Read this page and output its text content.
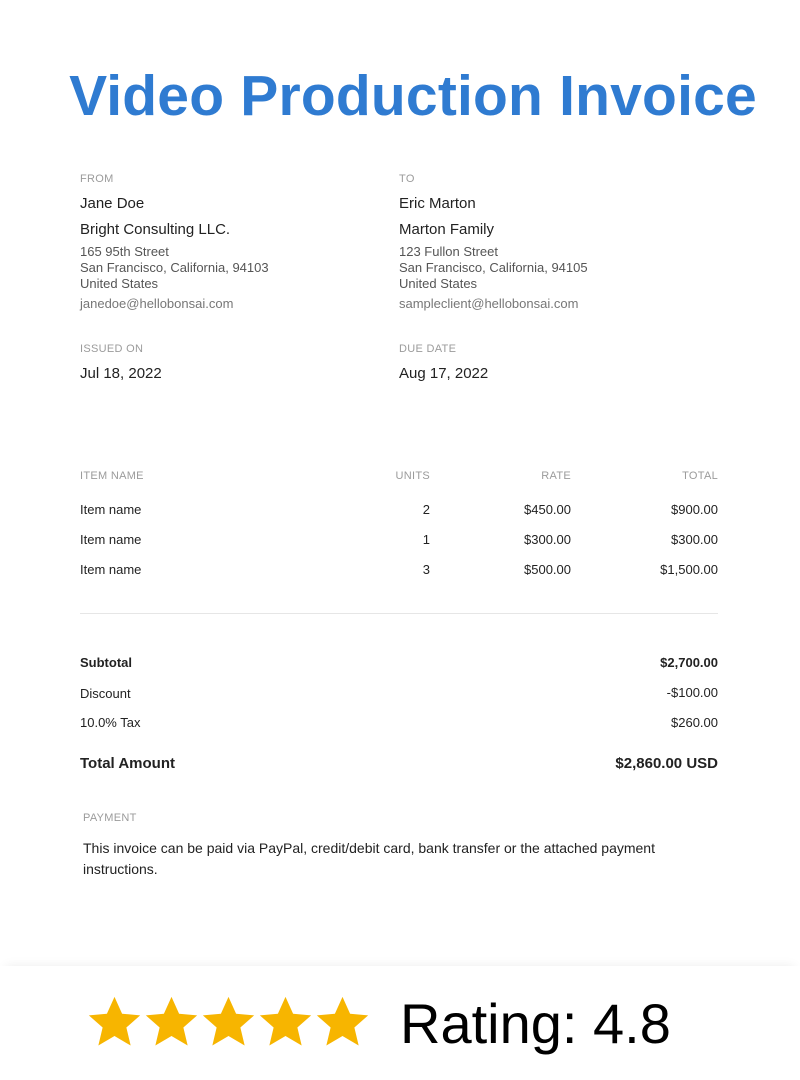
Video Production Invoice
FROM
Jane Doe
Bright Consulting LLC.
165 95th Street
San Francisco, California, 94103
United States
janedoe@hellobonsai.com
TO
Eric Marton
Marton Family
123 Fullon Street
San Francisco, California, 94105
United States
sampleclient@hellobonsai.com
ISSUED ON
Jul 18, 2022
DUE DATE
Aug 17, 2022
ITEM NAME	UNITS	RATE	TOTAL
Item name	2	$450.00	$900.00
Item name	1	$300.00	$300.00
Item name	3	$500.00	$1,500.00
Subtotal	$2,700.00
Discount	-$100.00
10.0% Tax	$260.00
Total Amount	$2,860.00 USD
PAYMENT
This invoice can be paid via PayPal, credit/debit card, bank transfer or the attached payment instructions.
Rating: 4.8
